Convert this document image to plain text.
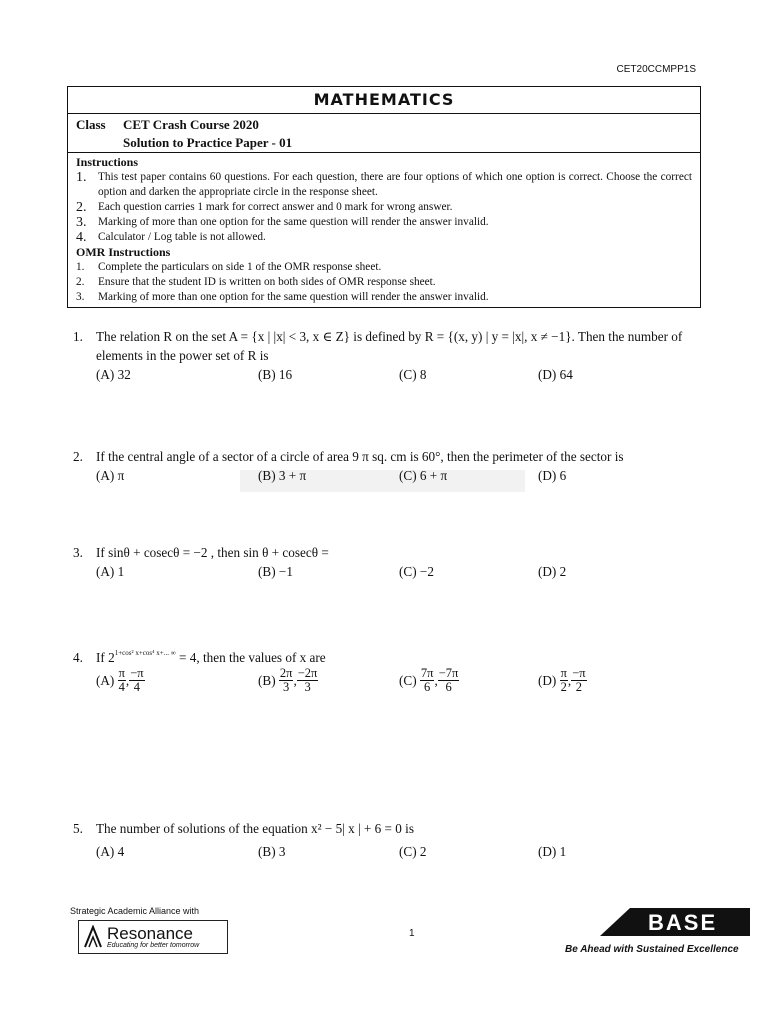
CET20CCMPP1S
MATHEMATICS
Class CET Crash Course 2020
Solution to Practice Paper - 01
Instructions
1.	This test paper contains 60 questions. For each question, there are four options of which one option is correct. Choose the correct option and darken the appropriate circle in the response sheet.
2.	Each question carries 1 mark for correct answer and 0 mark for wrong answer.
3.	Marking of more than one option for the same question will render the answer invalid.
4.	Calculator / Log table is not allowed.
OMR Instructions
1.	Complete the particulars on side 1 of the OMR response sheet.
2.	Ensure that the student ID is written on both sides of OMR response sheet.
3.	Marking of more than one option for the same question will render the answer invalid.
1. The relation R on the set A = {x | |x| < 3, x ∈ Z} is defined by R = {(x, y) | y = |x|, x ≠ −1}. Then the number of elements in the power set of R is
(A) 32	(B) 16	(C) 8	(D) 64
2. If the central angle of a sector of a circle of area 9 π sq. cm is 60°, then the perimeter of the sector is
(A) π	(B) 3 + π	(C) 6 + π	(D) 6
3. If sinθ + cosecθ = −2 , then sin θ + cosecθ =
(A) 1	(B) −1	(C) −2	(D) 2
4. If $2^{1+cos^2 x+cos^4 x+... \infty} = 4$, then the values of x are
(A)
$\frac{\pi}{4}$ , $\frac{-\pi}{4}$	(B)
$\frac{2\pi}{3}$ , $\frac{-2\pi}{3}$	(C)
$\frac{7\pi}{6}$ , $\frac{-7\pi}{6}$	(D)
$\frac{\pi}{2}$ , $\frac{-\pi}{2}$
5. The number of solutions of the equation x² − 5| x | + 6 = 0 is
(A) 4	(B) 3	(C) 2	(D) 1
Strategic Academic Alliance with
Resonance
Educating for better tomorrow
1	BASE
Be Ahead with Sustained Excellence
